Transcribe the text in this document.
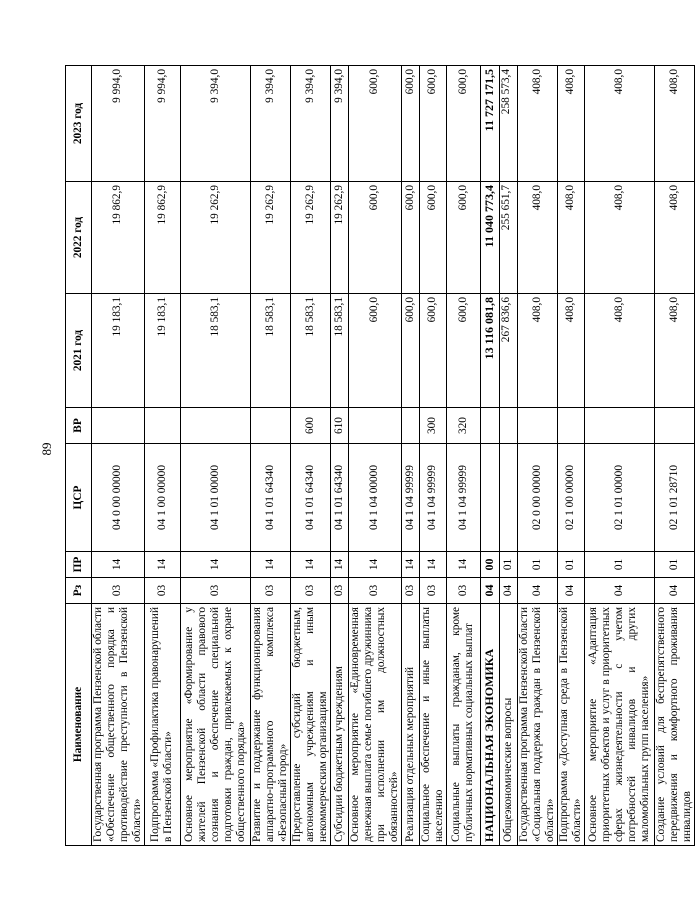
89
Наименование	Рз	ПР	ЦСР	ВР	2021 год	2022 год	2023 год
Государственная программа Пензенской области «Обеспечение общественного порядка и противодействие преступности в Пензенской области»	03	14	04 0 00 00000		19 183,1	19 862,9	9 994,0
Подпрограмма «Профилактика правонарушений в Пензенской области»	03	14	04 1 00 00000		19 183,1	19 862,9	9 994,0
Основное мероприятие «Формирование у жителей Пензенской области правового сознания и обеспечение специальной подготовки граждан, привлекаемых к охране общественного порядка»	03	14	04 1 01 00000		18 583,1	19 262,9	9 394,0
Развитие и поддержание функционирования аппаратно-программного комплекса «Безопасный город»	03	14	04 1 01 64340		18 583,1	19 262,9	9 394,0
Предоставление субсидий бюджетным, автономным учреждениям и иным некоммерческим организациям	03	14	04 1 01 64340	600	18 583,1	19 262,9	9 394,0
Субсидии бюджетным учреждениям	03	14	04 1 01 64340	610	18 583,1	19 262,9	9 394,0
Основное мероприятие «Единовременная денежная выплата семье погибшего дружинника при исполнении им должностных обязанностей»	03	14	04 1 04 00000		600,0	600,0	600,0
Реализация отдельных мероприятий	03	14	04 1 04 99999		600,0	600,0	600,0
Социальное обеспечение и иные выплаты населению	03	14	04 1 04 99999	300	600,0	600,0	600,0
Социальные выплаты гражданам, кроме публичных нормативных социальных выплат	03	14	04 1 04 99999	320	600,0	600,0	600,0
НАЦИОНАЛЬНАЯ ЭКОНОМИКА	04	00			13 116 081,8	11 040 773,4	11 727 171,5
Общеэкономические вопросы	04	01			267 836,6	255 651,7	258 573,4
Государственная программа Пензенской области «Социальная поддержка граждан в Пензенской области»	04	01	02 0 00 00000		408,0	408,0	408,0
Подпрограмма «Доступная среда в Пензенской области»	04	01	02 1 00 00000		408,0	408,0	408,0
Основное мероприятие «Адаптация приоритетных объектов и услуг в приоритетных сферах жизнедеятельности с учетом потребностей инвалидов и других маломобильных групп населения»	04	01	02 1 01 00000		408,0	408,0	408,0
Создание условий для беспрепятственного передвижения и комфортного проживания инвалидов	04	01	02 1 01 28710		408,0	408,0	408,0
